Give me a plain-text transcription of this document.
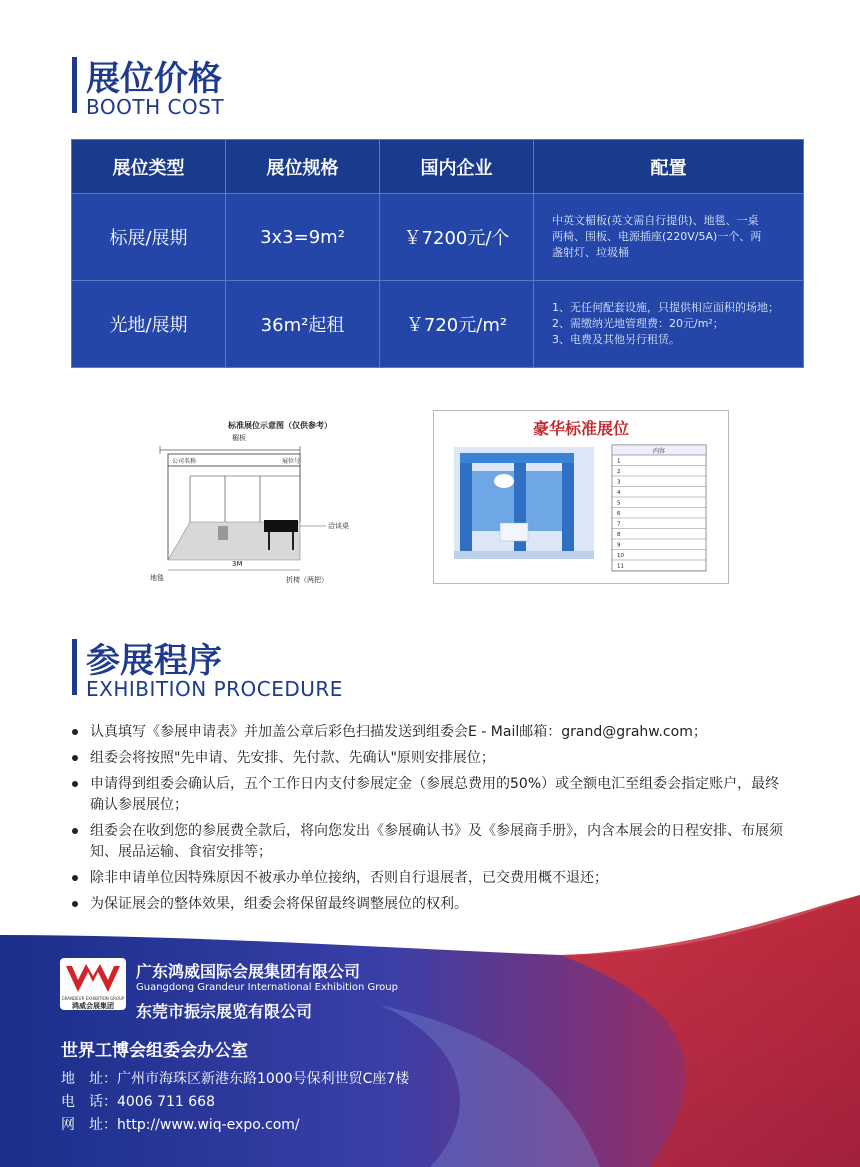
展位价格
BOOTH COST
展位类型	展位规格	国内企业	配置
标展/展期	3x3=9m²	￥7200元/个	中英文楣板(英文需自行提供)、地毯、一桌
两椅、围板、电源插座(220V/5A)一个、两
盏射灯、垃圾桶

光地/展期	36m²起租	￥720元/m²	1、无任何配套设施，只提供相应面积的场地；
2、需缴纳光地管理费：20元/m²；
3、电费及其他另行租赁。
标准展位示意图（仅供参考）
楣板
公司名称	展位号
洽谈桌
3M
地毯	折椅（两把）
豪华标准展位
内容
1
2
3
4
5
6
7
8
9
10
11
参展程序
EXHIBITION PROCEDURE
认真填写《参展申请表》并加盖公章后彩色扫描发送到组委会E - Mail邮箱：grand@grahw.com；
组委会将按照"先申请、先安排、先付款、先确认"原则安排展位；
申请得到组委会确认后，五个工作日内支付参展定金（参展总费用的50%）或全额电汇至组委会指定账户，最终确认参展展位；
组委会在收到您的参展费全款后，将向您发出《参展确认书》及《参展商手册》，内含本展会的日程安排、布展须知、展品运输、食宿安排等；
除非申请单位因特殊原因不被承办单位接纳，否则自行退展者，已交费用概不退还；
为保证展会的整体效果，组委会将保留最终调整展位的权利。
GRANDEUR EXHIBITION GROUP
鸿威会展集团
广东鸿威国际会展集团有限公司
Guangdong Grandeur International Exhibition Group
东莞市振宗展览有限公司
世界工博会组委会办公室
地　址：广州市海珠区新港东路1000号保利世贸C座7楼
电　话：4006 711 668
网　址：http://www.wiq-expo.com/
